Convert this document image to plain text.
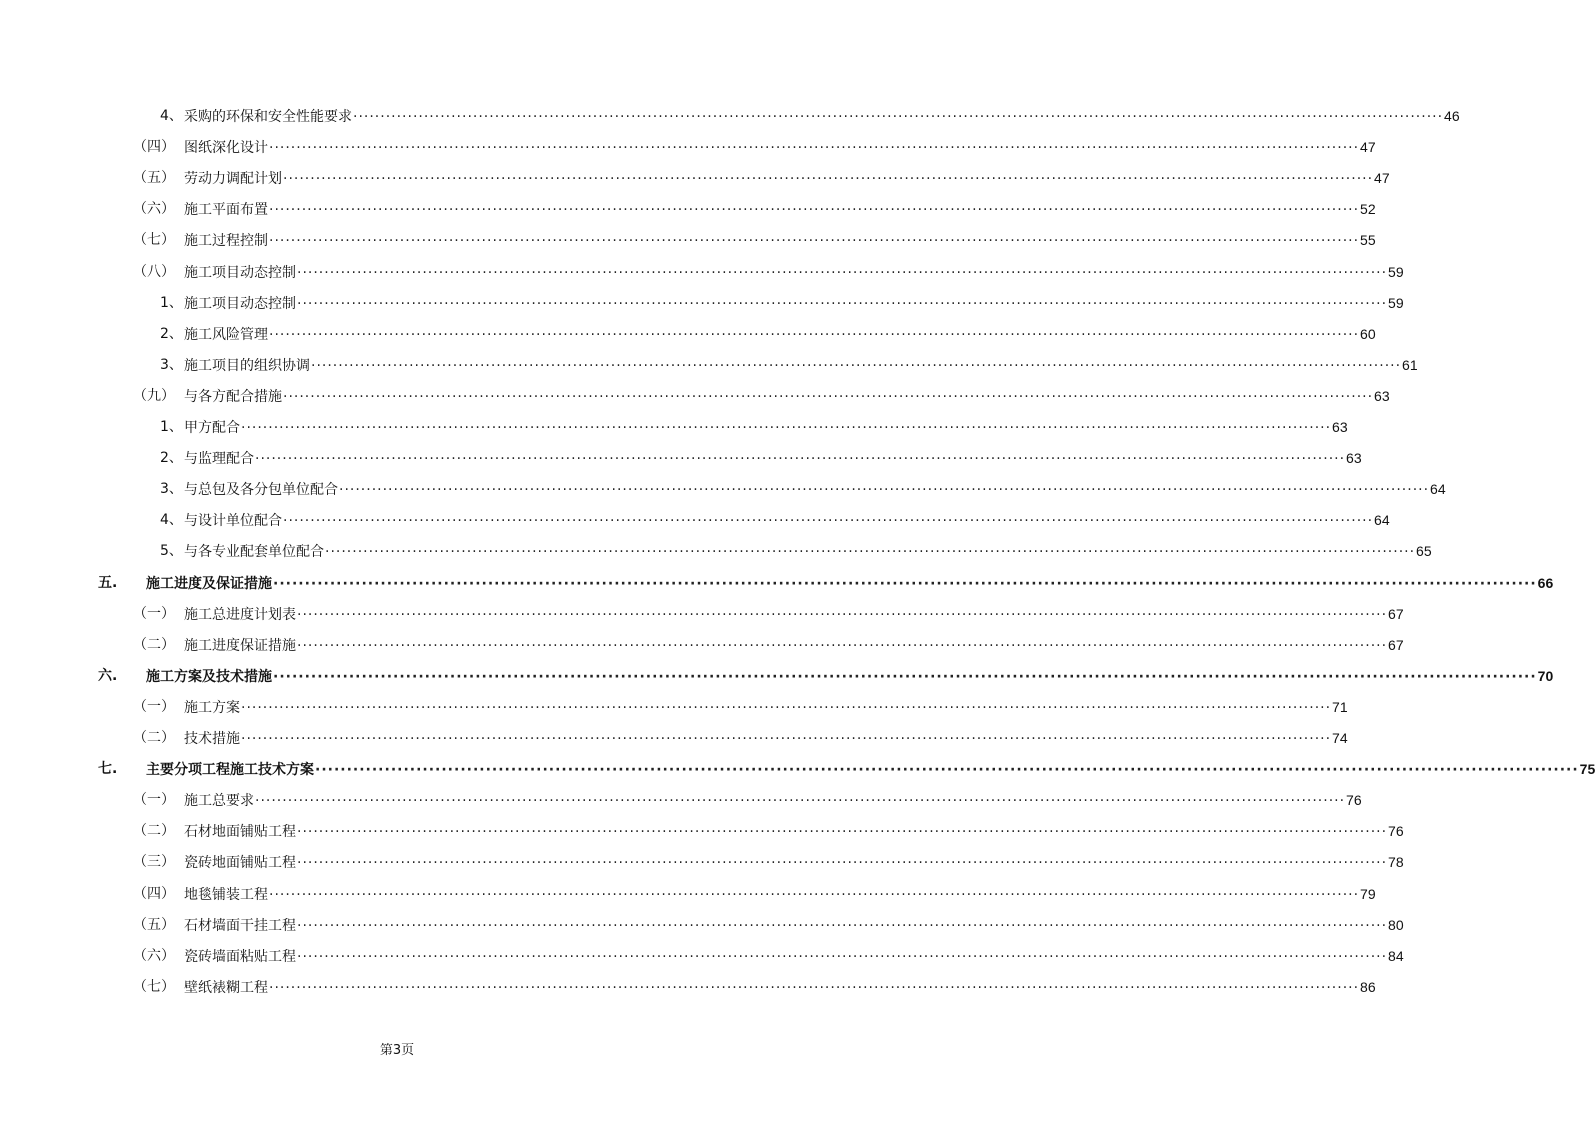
4、 采购的环保和安全性能要求 ········································································································································································································ 46
（四） 图纸深化设计 ········································································································································································································ 47
（五） 劳动力调配计划 ········································································································································································································ 47
（六） 施工平面布置 ········································································································································································································ 52
（七） 施工过程控制 ········································································································································································································ 55
（八） 施工项目动态控制 ········································································································································································································ 59
1、 施工项目动态控制 ········································································································································································································ 59
2、 施工风险管理 ········································································································································································································ 60
3、 施工项目的组织协调 ········································································································································································································ 61
（九） 与各方配合措施 ········································································································································································································ 63
1、 甲方配合 ········································································································································································································ 63
2、 与监理配合 ········································································································································································································ 63
3、 与总包及各分包单位配合 ········································································································································································································ 64
4、 与设计单位配合 ········································································································································································································ 64
5、 与各专业配套单位配合 ········································································································································································································ 65
五. 施工进度及保证措施 ········································································································································································································ 66
（一） 施工总进度计划表 ········································································································································································································ 67
（二） 施工进度保证措施 ········································································································································································································ 67
六. 施工方案及技术措施 ········································································································································································································ 70
（一） 施工方案 ········································································································································································································ 71
（二） 技术措施 ········································································································································································································ 74
七. 主要分项工程施工技术方案 ········································································································································································································ 75
（一） 施工总要求 ········································································································································································································ 76
（二） 石材地面铺贴工程 ········································································································································································································ 76
（三） 瓷砖地面铺贴工程 ········································································································································································································ 78
（四） 地毯铺装工程 ········································································································································································································ 79
（五） 石材墙面干挂工程 ········································································································································································································ 80
（六） 瓷砖墙面粘贴工程 ········································································································································································································ 84
（七） 壁纸裱糊工程 ········································································································································································································ 86
第3页
